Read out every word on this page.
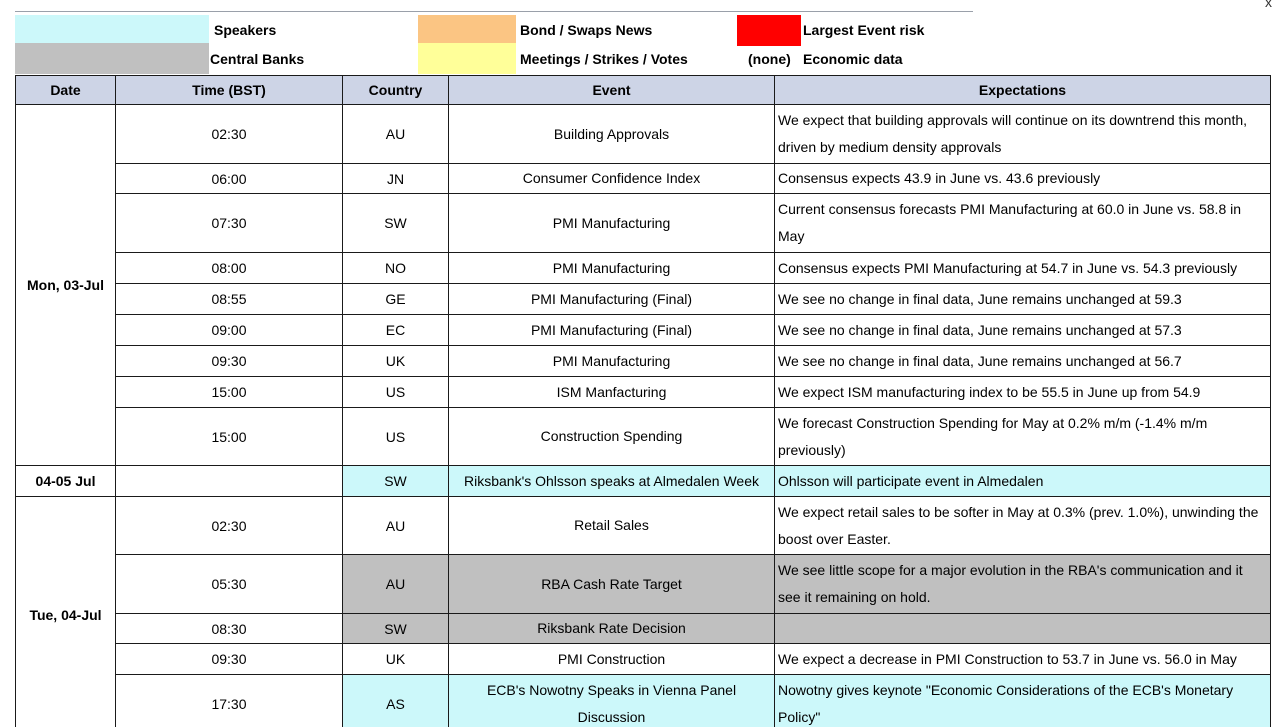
x
Speakers	Bond / Swaps News	Largest Event risk
Central Banks	Meetings / Strikes / Votes	(none) Economic data
Date	Time (BST)	Country	Event	Expectations
Mon, 03-Jul	02:30	AU	Building Approvals	We expect that building approvals will continue on its downtrend this month, driven by medium density approvals
	06:00	JN	Consumer Confidence Index	Consensus expects 43.9 in June vs. 43.6 previously
	07:30	SW	PMI Manufacturing	Current consensus forecasts PMI Manufacturing at 60.0 in June vs. 58.8 in May
	08:00	NO	PMI Manufacturing	Consensus expects PMI Manufacturing at 54.7 in June vs. 54.3 previously
	08:55	GE	PMI Manufacturing (Final)	We see no change in final data, June remains unchanged at 59.3
	09:00	EC	PMI Manufacturing (Final)	We see no change in final data, June remains unchanged at 57.3
	09:30	UK	PMI Manufacturing	We see no change in final data, June remains unchanged at 56.7
	15:00	US	ISM Manfacturing	We expect ISM manufacturing index to be 55.5 in June up from 54.9
	15:00	US	Construction Spending	We forecast Construction Spending for May at 0.2% m/m (-1.4% m/m previously)
04-05 Jul		SW	Riksbank's Ohlsson speaks at Almedalen Week	Ohlsson will participate event in Almedalen
Tue, 04-Jul	02:30	AU	Retail Sales	We expect retail sales to be softer in May at 0.3% (prev. 1.0%), unwinding the boost over Easter.
	05:30	AU	RBA Cash Rate Target	We see little scope for a major evolution in the RBA's communication and it see it remaining on hold.
	08:30	SW	Riksbank Rate Decision	
	09:30	UK	PMI Construction	We expect a decrease in PMI Construction to 53.7 in June vs. 56.0 in May
	17:30	AS	ECB's Nowotny Speaks in Vienna Panel Discussion	Nowotny gives keynote "Economic Considerations of the ECB's Monetary Policy"
